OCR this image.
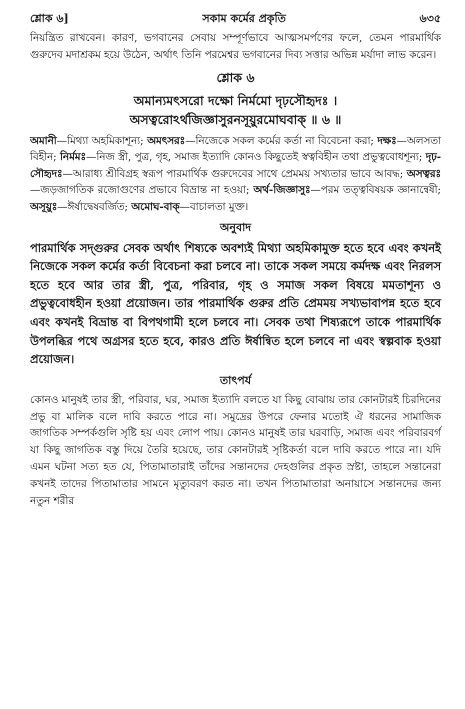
শ্লোক ৬]	সকাম কর্মের প্রকৃতি	৬৩৫

নিয়ন্ত্রিত রাখবেন। কারণ, ভগবানের সেবায় সম্পূর্ণভাবে আত্মসমর্পণের ফলে, তেমন পারমার্থিক গুরুদেব মদাশ্রকম হয়ে উঠেন, অর্থাৎ তিনি পরমেশ্বর ভগবানের দিব্য সত্তার অভিন্ন মর্যাদা লাভ করেন।

শ্লোক ৬
অমান্যমৎসরো দক্ষো নির্মমো দৃঢ়সৌহৃদঃ ।
অসত্বরোঽর্থজিজ্ঞাসুরনসূয়ুরমোঘবাক্‌ ॥ ৬ ॥

অমানী—মিথ্যা অহমিকাশূন্য; অমৎসরঃ—নিজেকে সকল কর্মের কর্তা না বিবেচনা করা; দক্ষঃ—অলসতা বিহীন; নির্মমঃ—নিজ স্ত্রী, পুত্র, গৃহ, সমাজ ইত্যাদি কোনও কিছুতেই স্বত্ববিহীন তথা প্রভুত্ববোধশূন্য; দৃঢ়-সৌহৃদঃ—আরাধ্য শ্রীবিগ্রহ স্বরূপ পারমার্থিক গুরুদেবের সাথে প্রেমময় সখ্যতার ভাবে আবদ্ধ; অসত্বরঃ—জড়জাগতিক রজোগুণের প্রভাবে বিভ্রান্ত না হওয়া; অর্থ-জিজ্ঞাসুঃ—পরম তত্ত্ববিষয়ক জ্ঞানান্বেষী; অসূয়ুঃ—ঈর্ষাদ্বেষবর্জিত; অমোঘ-বাক্—বাচালতা মুক্ত।

অনুবাদ

পারমার্থিক সদ্গুরুর সেবক অর্থাৎ শিষ্যকে অবশ্যই মিথ্যা অহমিকামুক্ত হতে হবে এবং কখনই নিজেকে সকল কর্মের কর্তা বিবেচনা করা চলবে না। তাকে সকল সময়ে কর্মদক্ষ এবং নিরলস হতে হবে আর তার স্ত্রী, পুত্র, পরিবার, গৃহ ও সমাজ সকল বিষয়ে মমতাশূন্য ও প্রভুত্ববোধহীন হওয়া প্রয়োজন। তার পারমার্থিক গুরুর প্রতি প্রেমময় সখ্যভাবাপন্ন হতে হবে এবং কখনই বিভ্রান্ত বা বিপথগামী হলে চলবে না। সেবক তথা শিষ্যরূপে তাকে পারমার্থিক উপলব্ধির পথে অগ্রসর হতে হবে, কারও প্রতি ঈর্ষান্বিত হলে চলবে না এবং স্বল্পবাক হওয়া প্রয়োজন।

তাৎপর্য

কোনও মানুষই তার স্ত্রী, পরিবার, ঘর, সমাজ ইত্যাদি বলতে যা কিছু বোঝায় তার কোনটারই চিরদিনের প্রভু বা মালিক বলে দাবি করতে পারে না। সমুদ্রের উপরে ফেনার মতোই ঐ ধরনের সামাজিক জাগতিক সম্পর্কগুলি সৃষ্টি হয় এবং লোপ পায়। কোনও মানুষই তার ঘরবাড়ি, সমাজ এবং পরিবারবর্গ যা কিছু জাগতিক বস্তু দিয়ে তৈরি হয়েছে, তার কোনটারই সৃষ্টিকর্তা বলে দাবি করতে পারে না। যদি এমন ঘটনা সত্য হত যে, পিতামাতারাই তাঁদের সন্তানদের দেহগুলির প্রকৃত স্রষ্টা, তাহলে সন্তানেরা কখনই তাদের পিতামাতার সামনে মৃত্যুবরণ করত না। তখন পিতামাতারা অনায়াসে সন্তানদের জন্য নতুন শরীর
